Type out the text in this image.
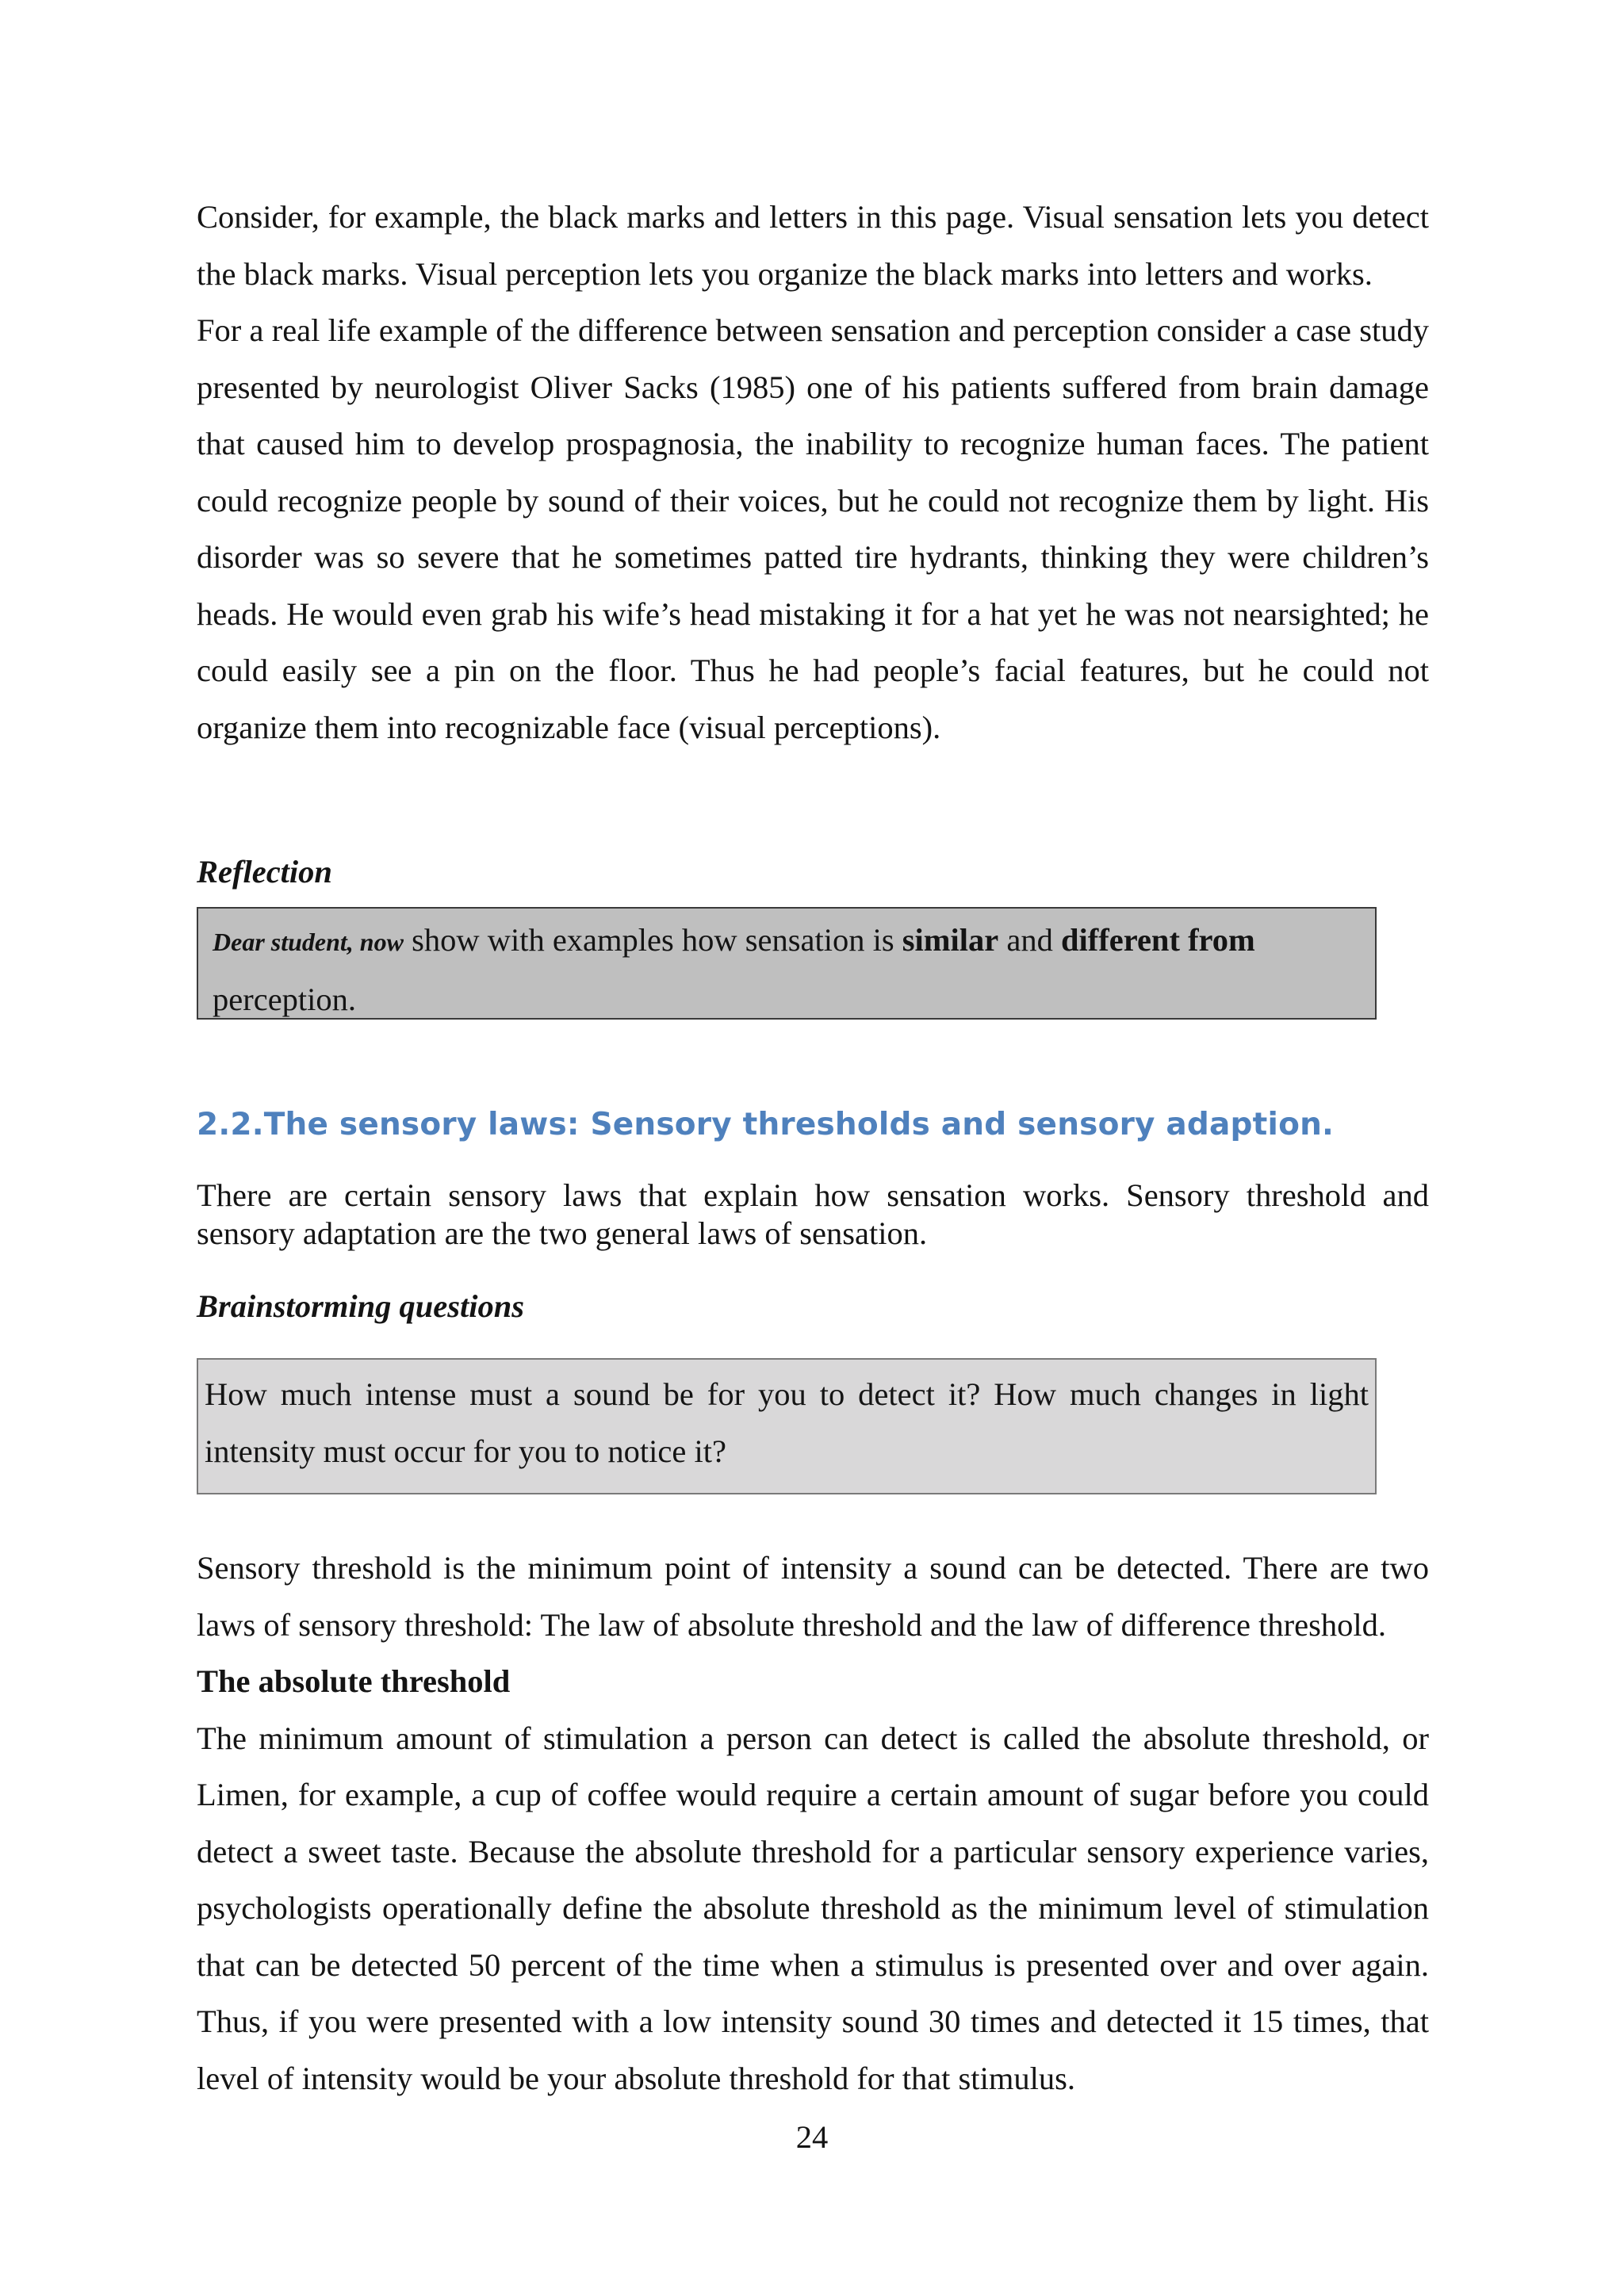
Consider, for example, the black marks and letters in this page. Visual sensation lets you detect the black marks. Visual perception lets you organize the black marks into letters and works.

For a real life example of the difference between sensation and perception consider a case study presented by neurologist Oliver Sacks (1985) one of his patients suffered from brain damage that caused him to develop prospagnosia, the inability to recognize human faces. The patient could recognize people by sound of their voices, but he could not recognize them by light. His disorder was so severe that he sometimes patted tire hydrants, thinking they were children’s heads. He would even grab his wife’s head mistaking it for a hat yet he was not nearsighted; he could easily see a pin on the floor. Thus he had people’s facial features, but he could not organize them into recognizable face (visual perceptions).

Reflection

Dear student, now show with examples how sensation is similar and different from perception.
2.2.The sensory laws: Sensory thresholds and sensory adaption.

There are certain sensory laws that explain how sensation works. Sensory threshold and sensory adaptation are the two general laws of sensation.

Brainstorming questions

How much intense must a sound be for you to detect it? How much changes in light intensity must occur for you to notice it?

Sensory threshold is the minimum point of intensity a sound can be detected. There are two laws of sensory threshold: The law of absolute threshold and the law of difference threshold.

The absolute threshold

The minimum amount of stimulation a person can detect is called the absolute threshold, or Limen, for example, a cup of coffee would require a certain amount of sugar before you could detect a sweet taste. Because the absolute threshold for a particular sensory experience varies, psychologists operationally define the absolute threshold as the minimum level of stimulation that can be detected 50 percent of the time when a stimulus is presented over and over again. Thus, if you were presented with a low intensity sound 30 times and detected it 15 times, that level of intensity would be your absolute threshold for that stimulus.

24
